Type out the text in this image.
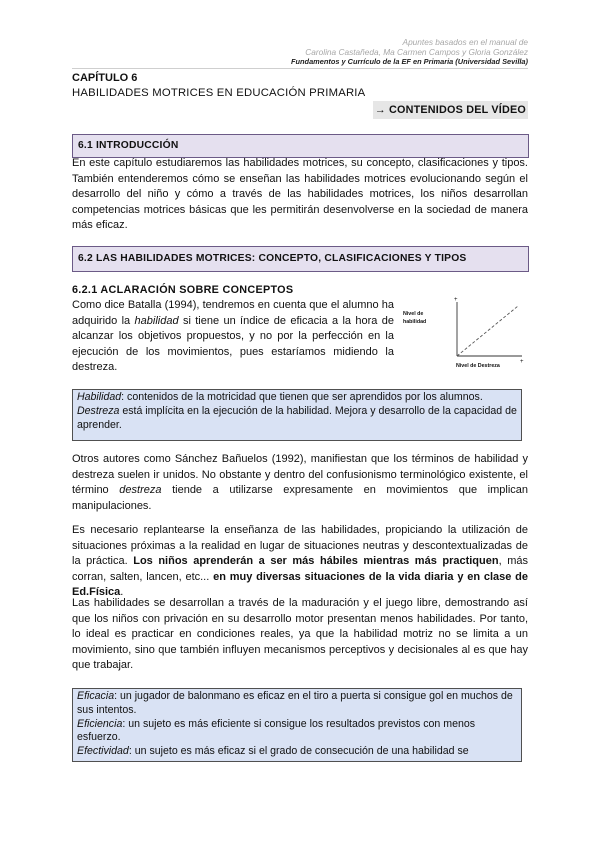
Apuntes basados en el manual de
Carolina Castañeda, Ma Carmen Campos y Gloria González
Fundamentos y Currículo de la EF en Primaria (Universidad Sevilla)
CAPÍTULO 6
HABILIDADES MOTRICES EN EDUCACIÓN PRIMARIA
→ CONTENIDOS DEL VÍDEO
6.1 INTRODUCCIÓN
En este capítulo estudiaremos las habilidades motrices, su concepto, clasificaciones y tipos. También entenderemos cómo se enseñan las habilidades motrices evolucionando según el desarrollo del niño y cómo a través de las habilidades motrices, los niños desarrollan competencias motrices básicas que les permitirán desenvolverse en la sociedad de manera más eficaz.
6.2 LAS HABILIDADES MOTRICES: CONCEPTO, CLASIFICACIONES Y TIPOS
6.2.1 ACLARACIÓN SOBRE CONCEPTOS
Como dice Batalla (1994), tendremos en cuenta que el alumno ha adquirido la habilidad si tiene un índice de eficacia a la hora de alcanzar los objetivos propuestos, y no por la perfección en la ejecución de los movimientos, pues estaríamos midiendo la destreza.
+
Nivel de
habilidad
Nivel de Destreza
+
Habilidad: contenidos de la motricidad que tienen que ser aprendidos por los alumnos.
Destreza está implícita en la ejecución de la habilidad. Mejora y desarrollo de la capacidad de aprender.
Otros autores como Sánchez Bañuelos (1992), manifiestan que los términos de habilidad y destreza suelen ir unidos. No obstante y dentro del confusionismo terminológico existente, el término destreza tiende a utilizarse expresamente en movimientos que implican manipulaciones.
Es necesario replantearse la enseñanza de las habilidades, propiciando la utilización de situaciones próximas a la realidad en lugar de situaciones neutras y descontextualizadas de la práctica. Los niños aprenderán a ser más hábiles mientras más practiquen, más corran, salten, lancen, etc... en muy diversas situaciones de la vida diaria y en clase de Ed.Física.
Las habilidades se desarrollan a través de la maduración y el juego libre, demostrando así que los niños con privación en su desarrollo motor presentan menos habilidades. Por tanto, lo ideal es practicar en condiciones reales, ya que la habilidad motriz no se limita a un movimiento, sino que también influyen mecanismos perceptivos y decisionales al es que hay que trabajar.
Eficacia: un jugador de balonmano es eficaz en el tiro a puerta si consigue gol en muchos de sus intentos.
Eficiencia: un sujeto es más eficiente si consigue los resultados previstos con menos esfuerzo.
Efectividad: un sujeto es más eficaz si el grado de consecución de una habilidad se
